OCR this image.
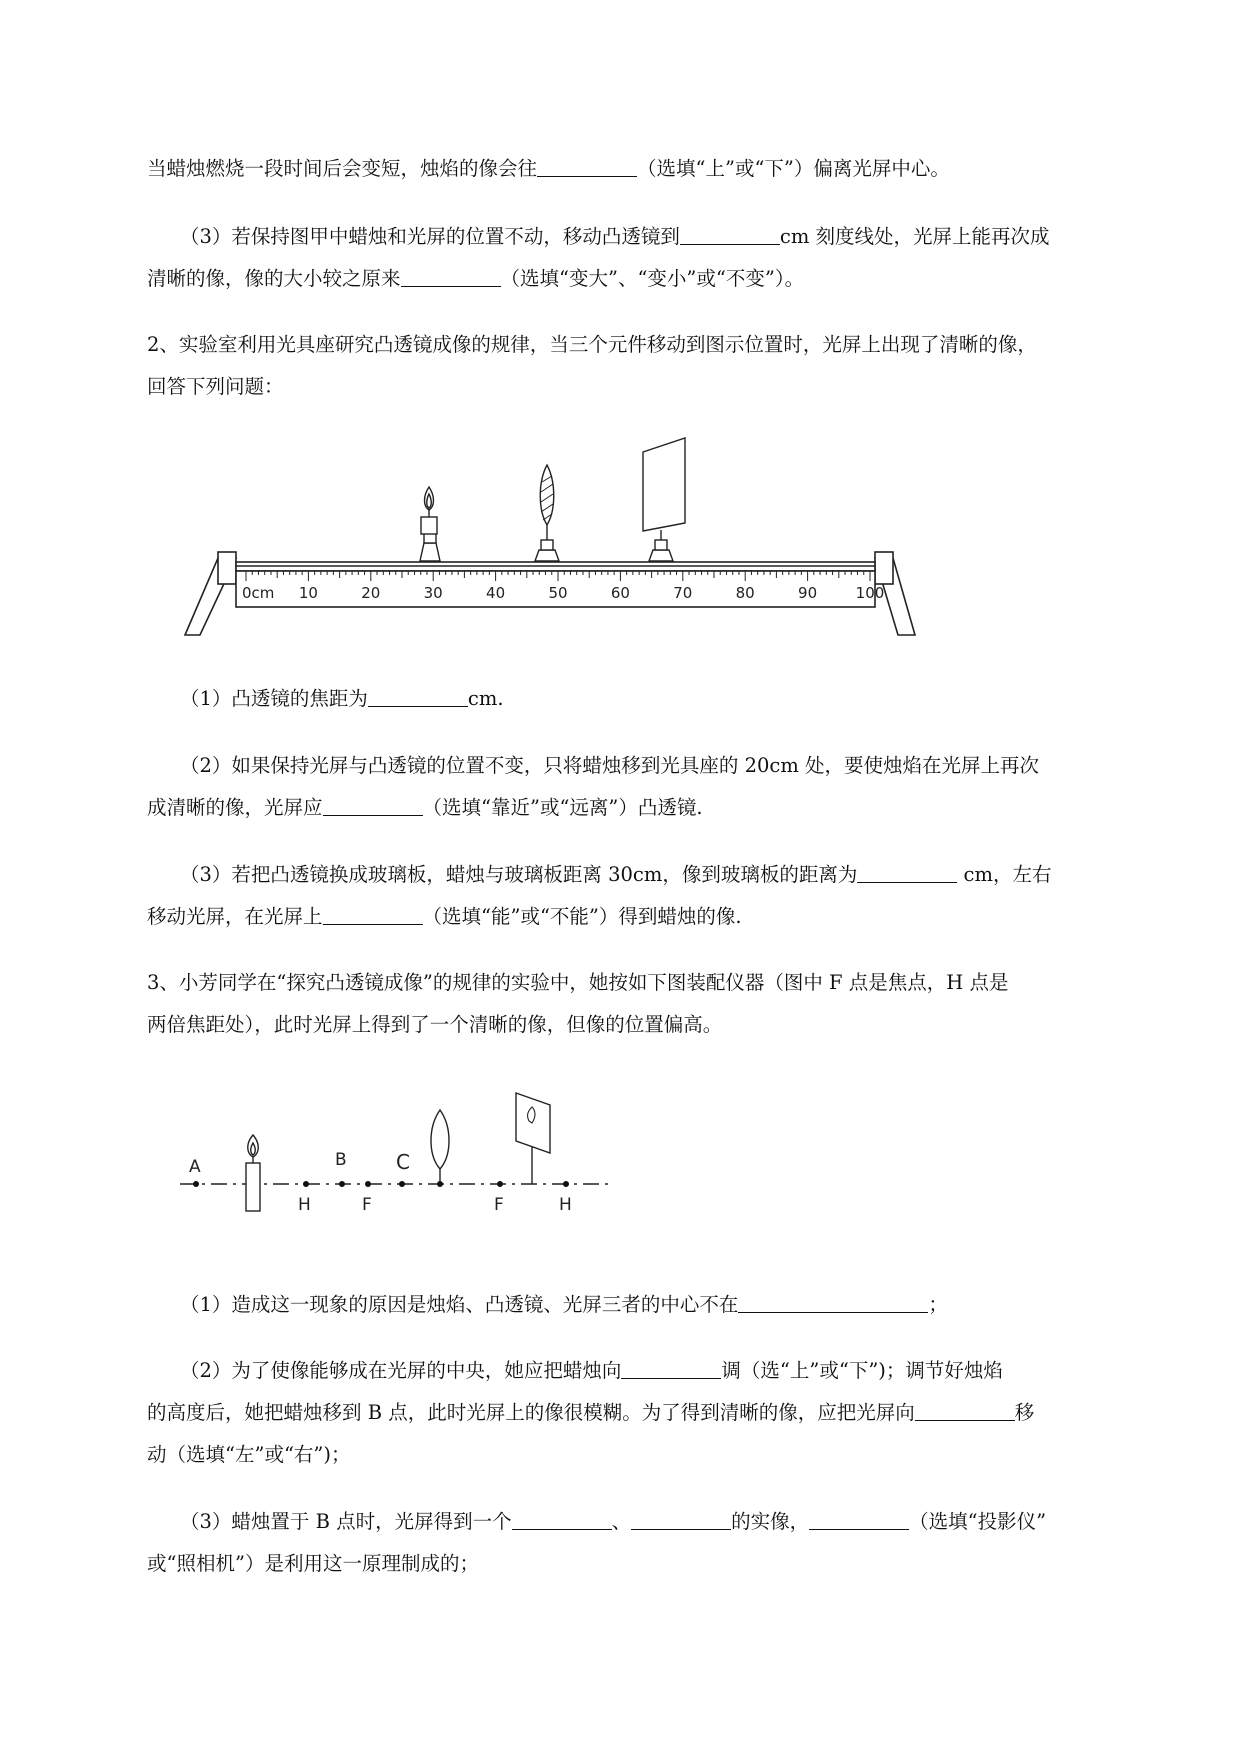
当蜡烛燃烧一段时间后会变短，烛焰的像会往	（选填“上”或“下”）偏离光屏中心。
（3）若保持图甲中蜡烛和光屏的位置不动，移动凸透镜到	cm 刻度线处，光屏上能再次成
清晰的像，像的大小较之原来	（选填“变大”、“变小”或“不变”）。
2、实验室利用光具座研究凸透镜成像的规律，当三个元件移动到图示位置时，光屏上出现了清晰的像，
回答下列问题：
0cm 10	20	30	40	50	60	70	80	90	100
（1）凸透镜的焦距为	cm.
（2）如果保持光屏与凸透镜的位置不变，只将蜡烛移到光具座的 20cm 处，要使烛焰在光屏上再次
成清晰的像，光屏应	（选填“靠近”或“远离”）凸透镜.
（3）若把凸透镜换成玻璃板，蜡烛与玻璃板距离 30cm，像到玻璃板的距离为	cm，左右
移动光屏，在光屏上	（选填“能”或“不能”）得到蜡烛的像.
3、小芳同学在“探究凸透镜成像”的规律的实验中，她按如下图装配仪器（图中 F 点是焦点，H 点是
两倍焦距处），此时光屏上得到了一个清晰的像，但像的位置偏高。
A
H
B
F
C
F	H
（1）造成这一现象的原因是烛焰、凸透镜、光屏三者的中心不在	；
（2）为了使像能够成在光屏的中央，她应把蜡烛向	调（选“上”或“下”)；调节好烛焰
的高度后，她把蜡烛移到 B 点，此时光屏上的像很模糊。为了得到清晰的像，应把光屏向	移
动（选填“左”或“右”)；
（3）蜡烛置于 B 点时，光屏得到一个	、	的实像，	（选填“投影仪”
或“照相机”）是利用这一原理制成的；
